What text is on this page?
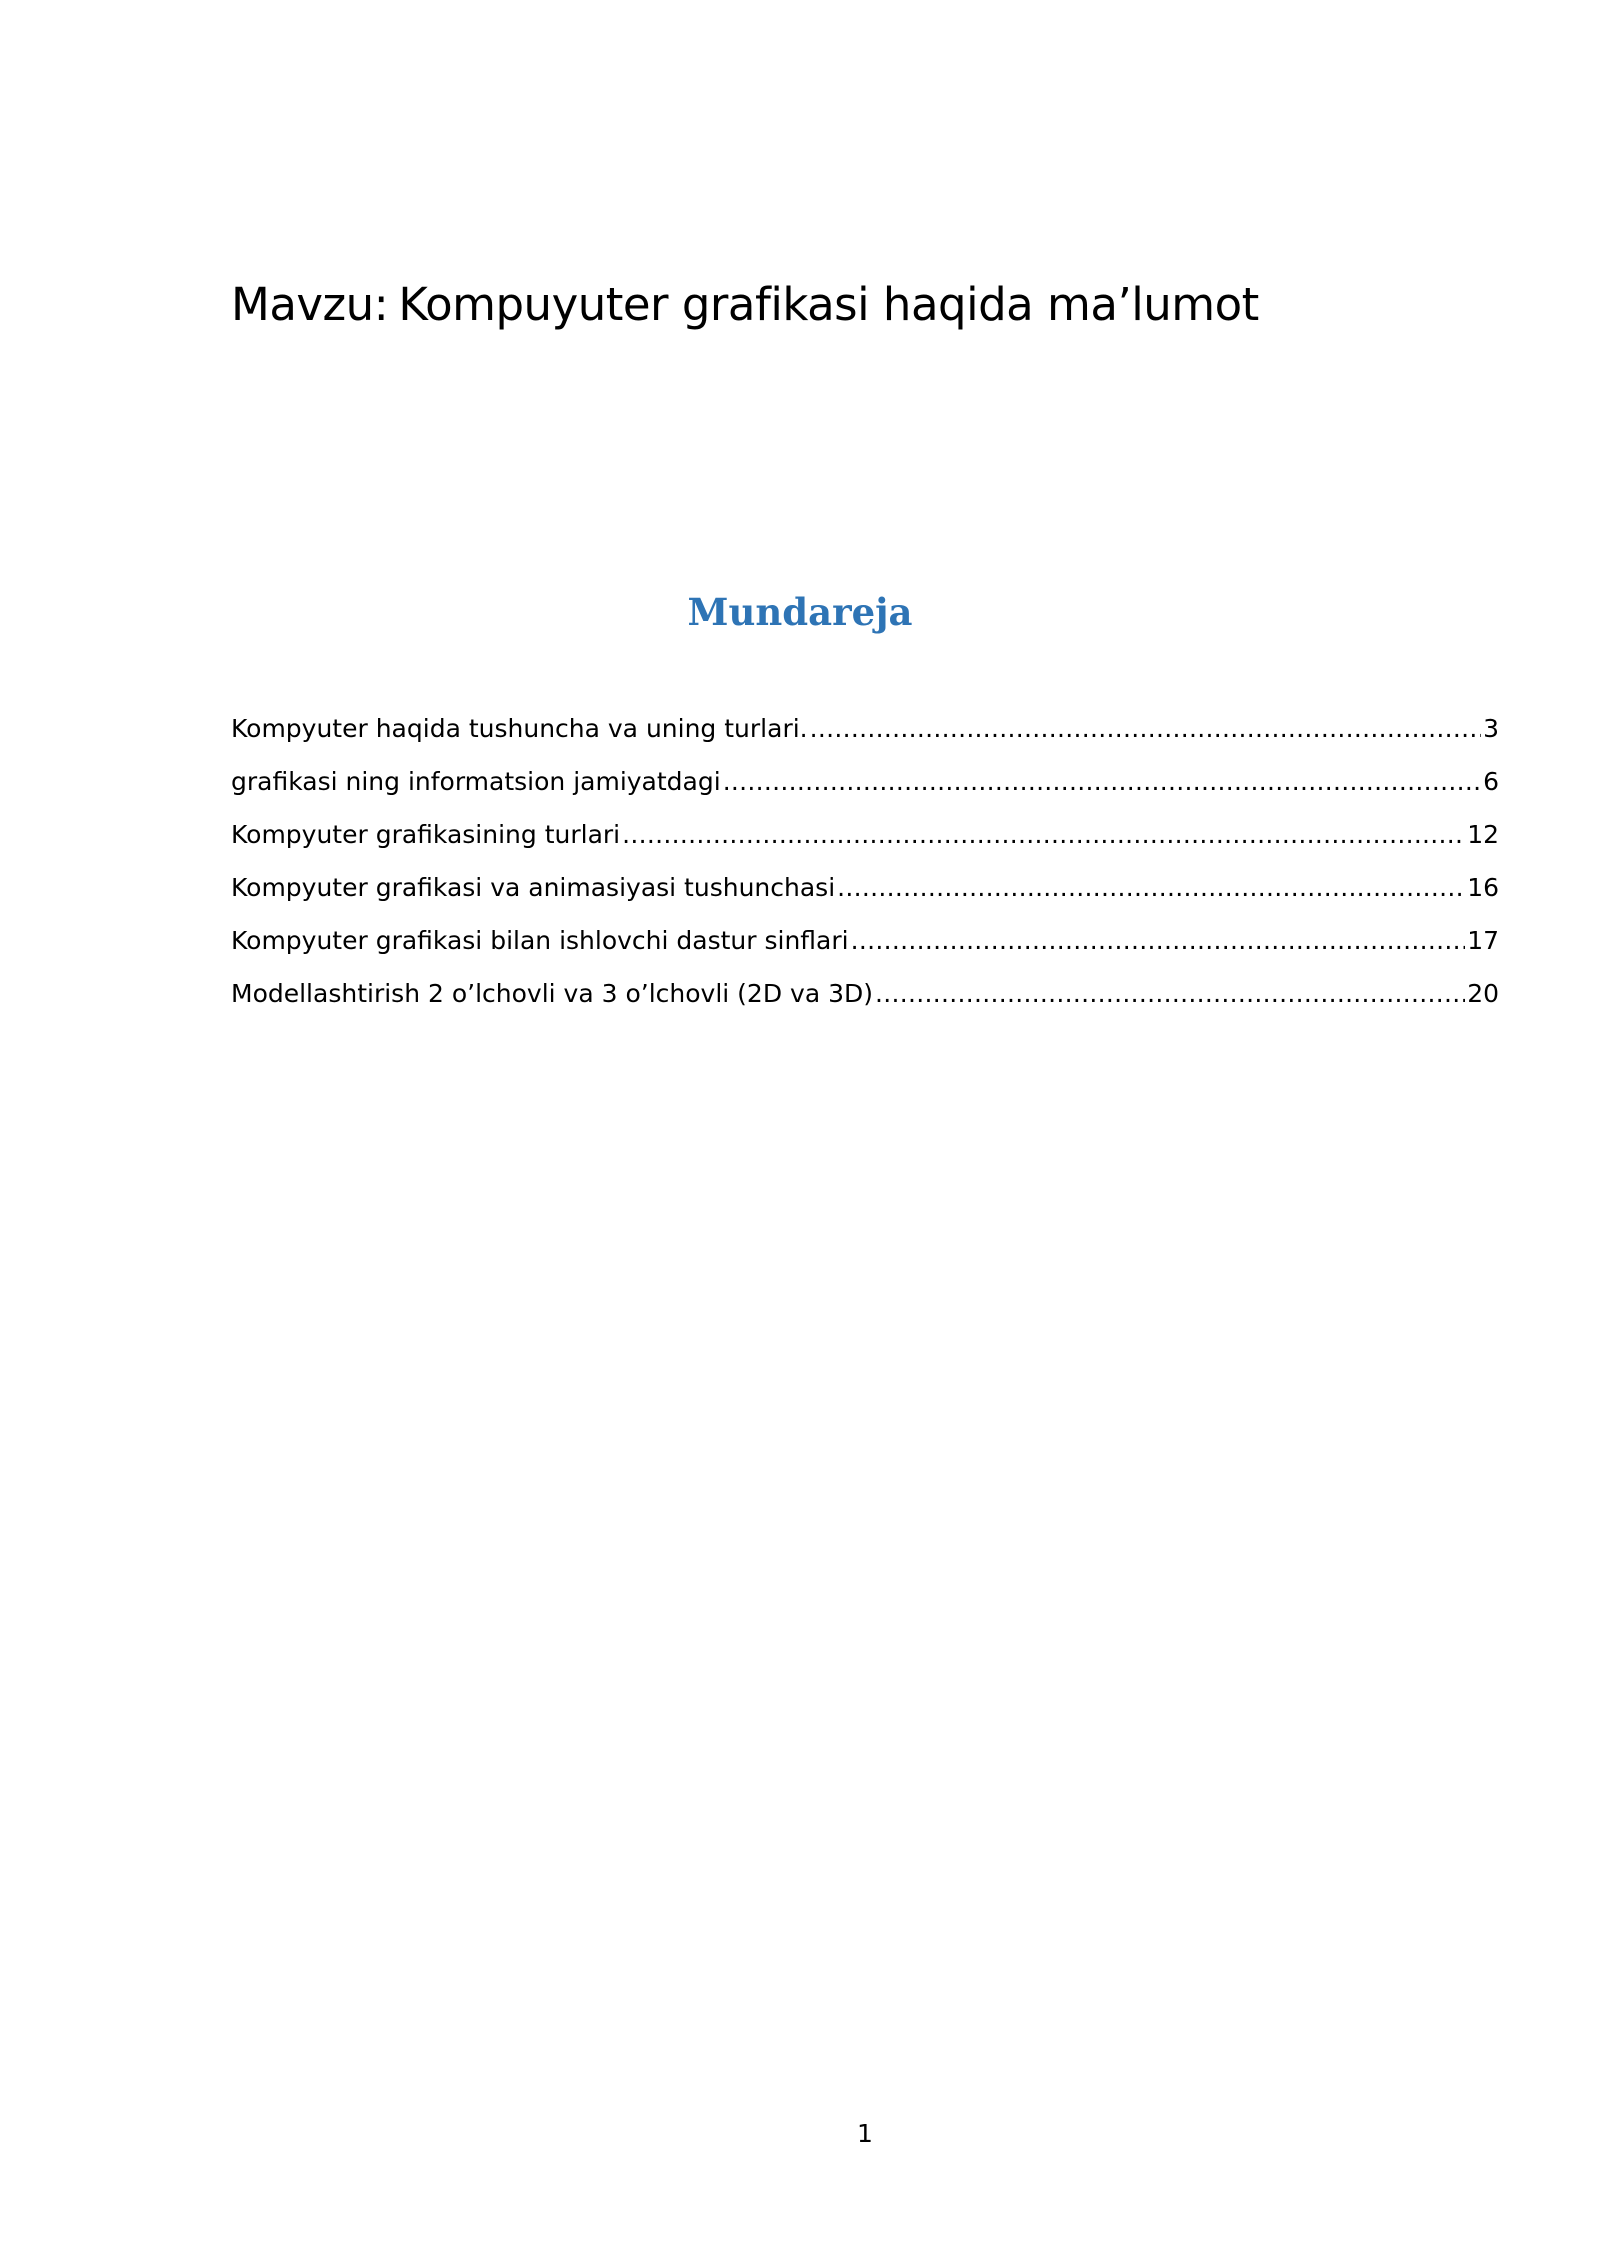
Mavzu: Kompuyuter grafikasi haqida ma’lumot
Mundareja
Kompyuter haqida tushuncha va uning turlari. .....	3
grafikasi ning informatsion jamiyatdagi .....	6
Kompyuter grafikasining turlari .....	12
Kompyuter grafikasi va animasiyasi tushunchasi .....	16
Kompyuter grafikasi bilan ishlovchi dastur sinflari .....	17
Modellashtirish 2 o’lchovli va 3 o’lchovli (2D va 3D) .....	20
1
